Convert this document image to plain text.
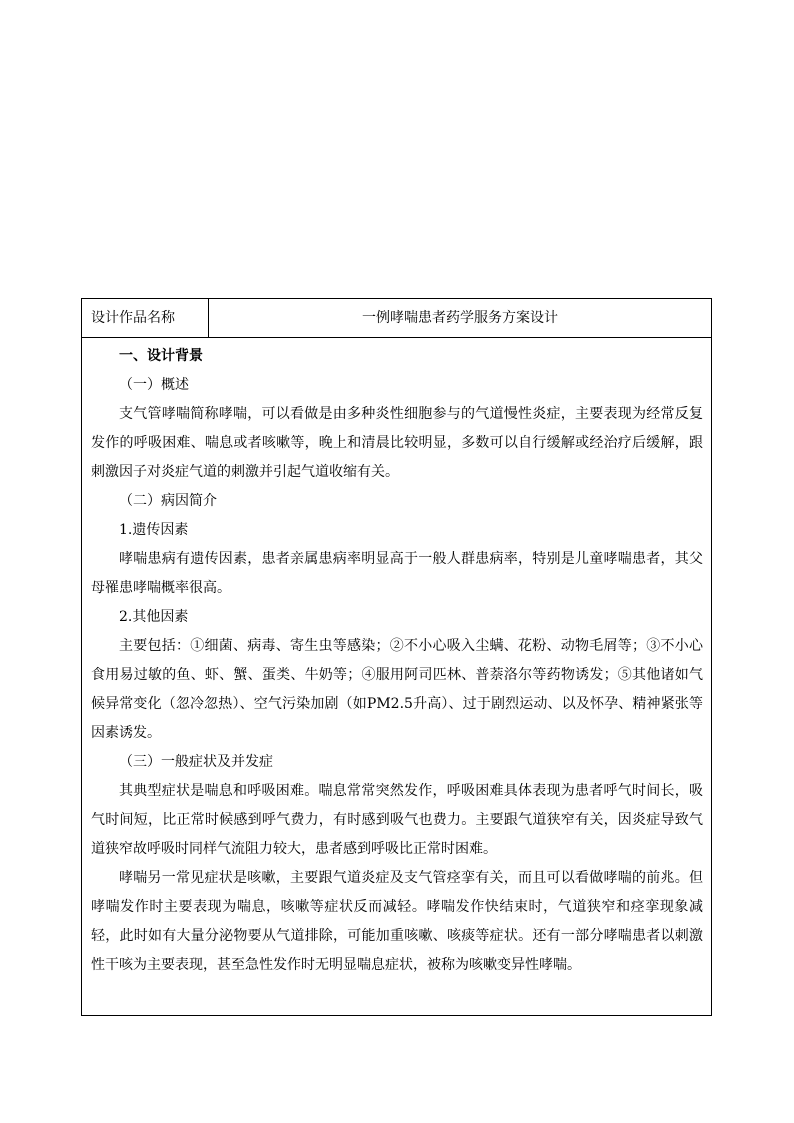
设计作品名称	一例哮喘患者药学服务方案设计

一、设计背景

（一）概述

支气管哮喘简称哮喘，可以看做是由多种炎性细胞参与的气道慢性炎症，主要表现为经常反复发作的呼吸困难、喘息或者咳嗽等，晚上和清晨比较明显，多数可以自行缓解或经治疗后缓解，跟刺激因子对炎症气道的刺激并引起气道收缩有关。

（二）病因简介

1.遗传因素

哮喘患病有遗传因素，患者亲属患病率明显高于一般人群患病率，特别是儿童哮喘患者，其父母罹患哮喘概率很高。

2.其他因素

主要包括：①细菌、病毒、寄生虫等感染；②不小心吸入尘螨、花粉、动物毛屑等；③不小心食用易过敏的鱼、虾、蟹、蛋类、牛奶等；④服用阿司匹林、普萘洛尔等药物诱发；⑤其他诸如气候异常变化（忽冷忽热）、空气污染加剧（如PM2.5升高）、过于剧烈运动、以及怀孕、精神紧张等因素诱发。

（三）一般症状及并发症

其典型症状是喘息和呼吸困难。喘息常常突然发作，呼吸困难具体表现为患者呼气时间长，吸气时间短，比正常时候感到呼气费力，有时感到吸气也费力。主要跟气道狭窄有关，因炎症导致气道狭窄故呼吸时同样气流阻力较大，患者感到呼吸比正常时困难。

哮喘另一常见症状是咳嗽，主要跟气道炎症及支气管痉挛有关，而且可以看做哮喘的前兆。但哮喘发作时主要表现为喘息，咳嗽等症状反而减轻。哮喘发作快结束时，气道狭窄和痉挛现象减轻，此时如有大量分泌物要从气道排除，可能加重咳嗽、咳痰等症状。还有一部分哮喘患者以刺激性干咳为主要表现，甚至急性发作时无明显喘息症状，被称为咳嗽变异性哮喘。
